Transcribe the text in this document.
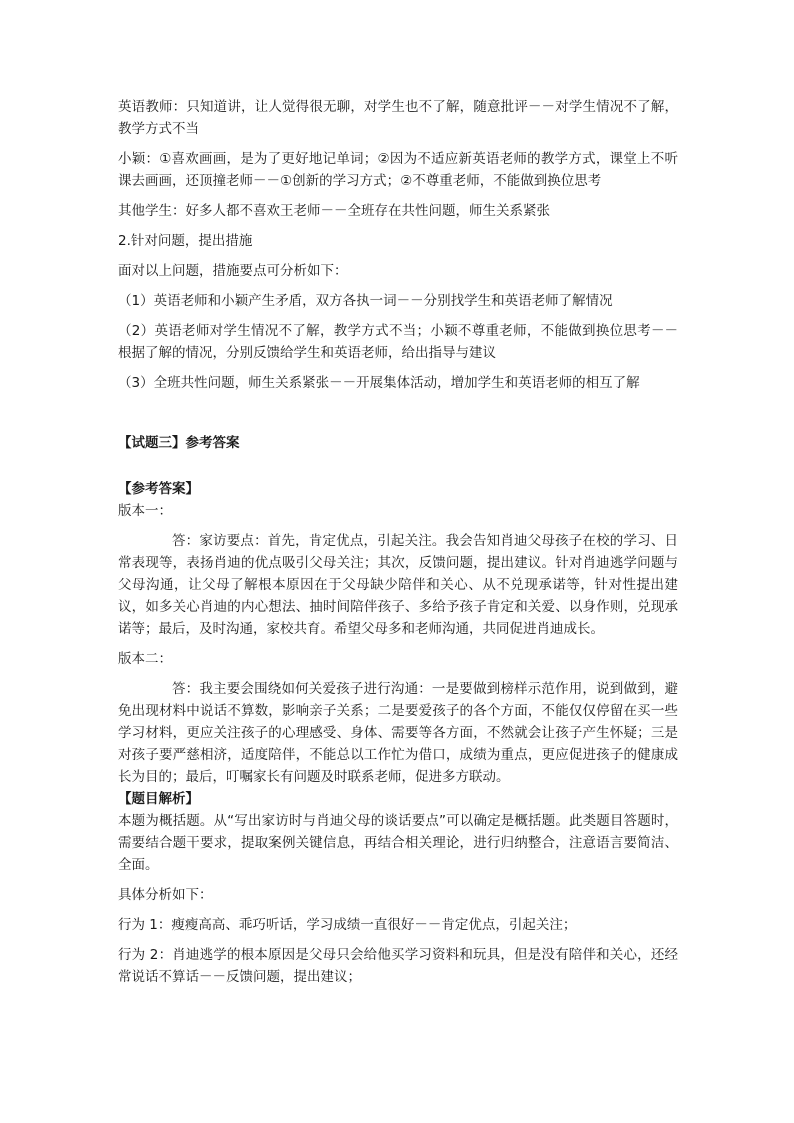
英语教师：只知道讲，让人觉得很无聊，对学生也不了解，随意批评－－对学生情况不了解，教学方式不当

小颖：①喜欢画画，是为了更好地记单词；②因为不适应新英语老师的教学方式，课堂上不听课去画画，还顶撞老师－－①创新的学习方式；②不尊重老师，不能做到换位思考

其他学生：好多人都不喜欢王老师－－全班存在共性问题，师生关系紧张

2.针对问题，提出措施

面对以上问题，措施要点可分析如下：

（1）英语老师和小颖产生矛盾，双方各执一词－－分别找学生和英语老师了解情况

（2）英语老师对学生情况不了解，教学方式不当；小颖不尊重老师，不能做到换位思考－－根据了解的情况，分别反馈给学生和英语老师，给出指导与建议

（3）全班共性问题，师生关系紧张－－开展集体活动，增加学生和英语老师的相互了解

【试题三】参考答案

【参考答案】

版本一：

答：家访要点：首先，肯定优点，引起关注。我会告知肖迪父母孩子在校的学习、日常表现等，表扬肖迪的优点吸引父母关注；其次，反馈问题，提出建议。针对肖迪逃学问题与父母沟通，让父母了解根本原因在于父母缺少陪伴和关心、从不兑现承诺等，针对性提出建议，如多关心肖迪的内心想法、抽时间陪伴孩子、多给予孩子肯定和关爱、以身作则，兑现承诺等；最后，及时沟通，家校共育。希望父母多和老师沟通，共同促进肖迪成长。

版本二：

答：我主要会围绕如何关爱孩子进行沟通：一是要做到榜样示范作用，说到做到，避免出现材料中说话不算数，影响亲子关系；二是要爱孩子的各个方面，不能仅仅停留在买一些学习材料，更应关注孩子的心理感受、身体、需要等各方面，不然就会让孩子产生怀疑；三是对孩子要严慈相济，适度陪伴，不能总以工作忙为借口，成绩为重点，更应促进孩子的健康成长为目的；最后，叮嘱家长有问题及时联系老师，促进多方联动。

【题目解析】

本题为概括题。从“写出家访时与肖迪父母的谈话要点”可以确定是概括题。此类题目答题时，需要结合题干要求，提取案例关键信息，再结合相关理论，进行归纳整合，注意语言要简洁、全面。

具体分析如下：

行为 1：瘦瘦高高、乖巧听话，学习成绩一直很好－－肯定优点，引起关注；

行为 2：肖迪逃学的根本原因是父母只会给他买学习资料和玩具，但是没有陪伴和关心，还经常说话不算话－－反馈问题，提出建议；
